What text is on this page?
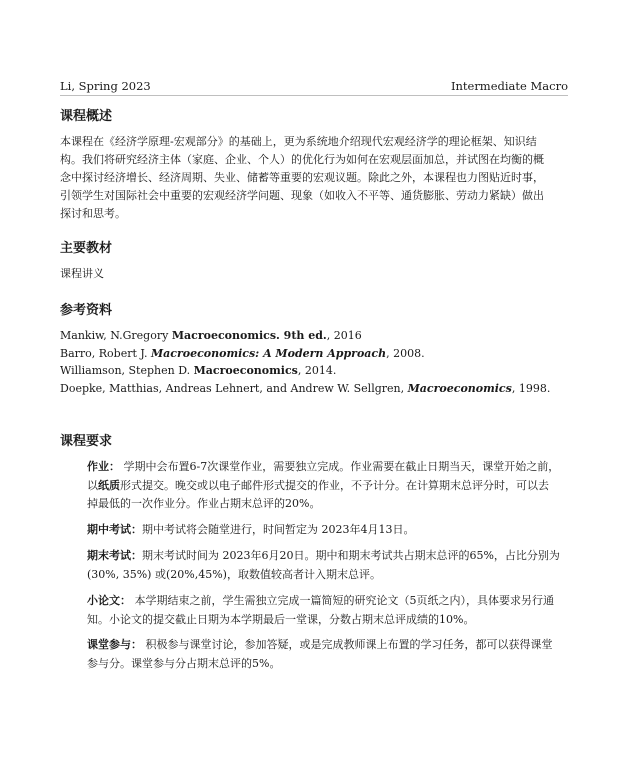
Li, Spring 2023	Intermediate Macro
课程概述
本课程在《经济学原理-宏观部分》的基础上，更为系统地介绍现代宏观经济学的理论框架、知识结
构。我们将研究经济主体（家庭、企业、个人）的优化行为如何在宏观层面加总，并试图在均衡的概
念中探讨经济增长、经济周期、失业、储蓄等重要的宏观议题。除此之外，本课程也力图贴近时事，
引领学生对国际社会中重要的宏观经济学问题、现象（如收入不平等、通货膨胀、劳动力紧缺）做出
探讨和思考。
主要教材
课程讲义
参考资料
Mankiw, N.Gregory Macroeconomics. 9th ed., 2016
Barro, Robert J. Macroeconomics: A Modern Approach, 2008.
Williamson, Stephen D. Macroeconomics, 2014.
Doepke, Matthias, Andreas Lehnert, and Andrew W. Sellgren, Macroeconomics, 1998.
课程要求
作业： 学期中会布置6-7次课堂作业，需要独立完成。作业需要在截止日期当天，课堂开始之前，
以纸质形式提交。晚交或以电子邮件形式提交的作业，不予计分。在计算期末总评分时，可以去
掉最低的一次作业分。作业占期末总评的20%。
期中考试：期中考试将会随堂进行，时间暂定为 2023年4月13日。
期末考试：期末考试时间为 2023年6月20日。期中和期末考试共占期末总评的65%，占比分别为
(30%, 35%) 或(20%,45%)，取数值较高者计入期末总评。
小论文： 本学期结束之前，学生需独立完成一篇简短的研究论文（5页纸之内），具体要求另行通
知。小论文的提交截止日期为本学期最后一堂课，分数占期末总评成绩的10%。
课堂参与： 积极参与课堂讨论，参加答疑，或是完成教师课上布置的学习任务，都可以获得课堂
参与分。课堂参与分占期末总评的5%。
